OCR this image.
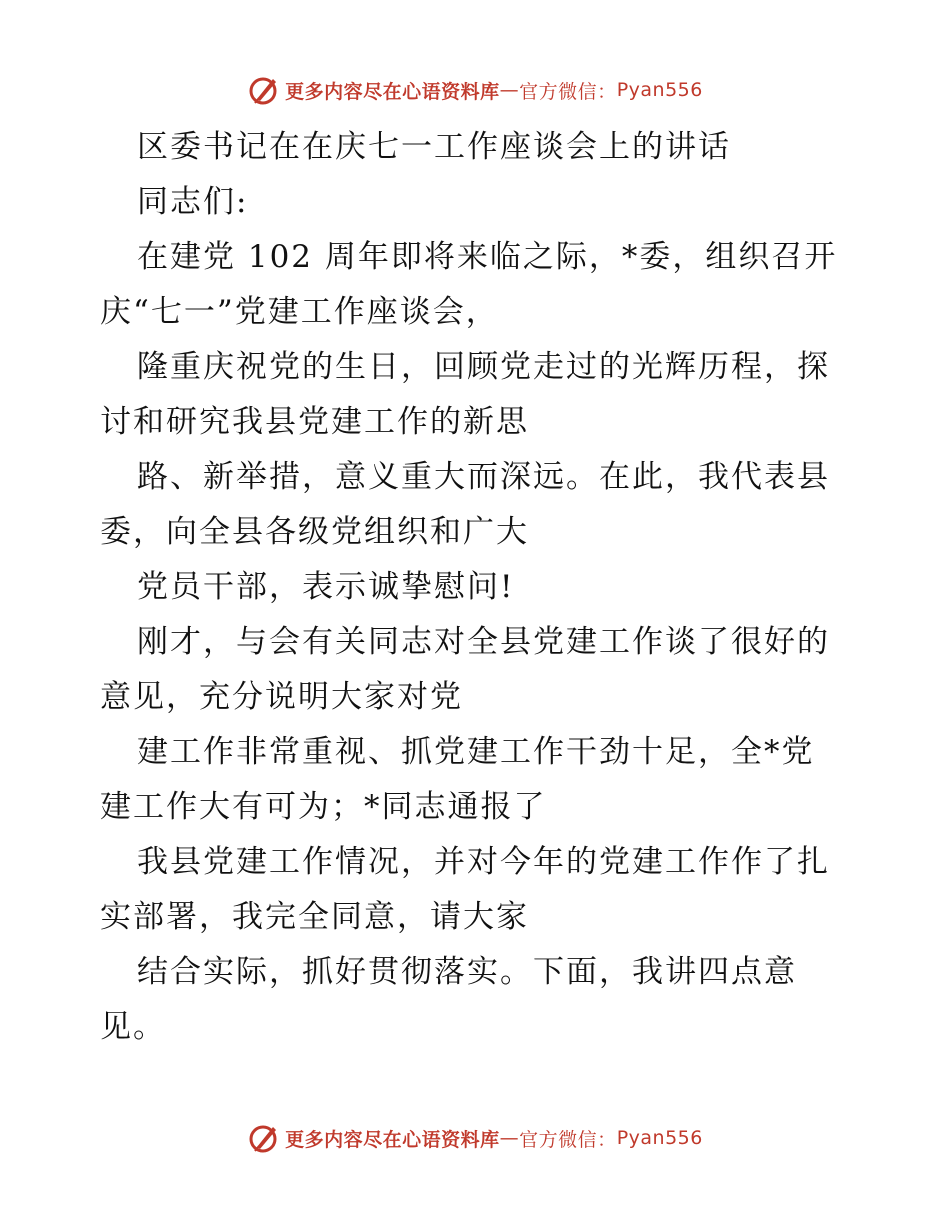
更多内容尽在心语资料库 — 官方微信： Pyan556
区委书记在在庆七一工作座谈会上的讲话
同志们:
在建党 102 周年即将来临之际，*委，组织召开
庆“七一”党建工作座谈会，
隆重庆祝党的生日，回顾党走过的光辉历程，探
讨和研究我县党建工作的新思
路、新举措，意义重大而深远。在此，我代表县
委，向全县各级党组织和广大
党员干部，表示诚挚慰问!
刚才，与会有关同志对全县党建工作谈了很好的
意见，充分说明大家对党
建工作非常重视、抓党建工作干劲十足，全*党
建工作大有可为；*同志通报了
我县党建工作情况，并对今年的党建工作作了扎
实部署，我完全同意，请大家
结合实际，抓好贯彻落实。下面，我讲四点意
见。
更多内容尽在心语资料库 — 官方微信： Pyan556
